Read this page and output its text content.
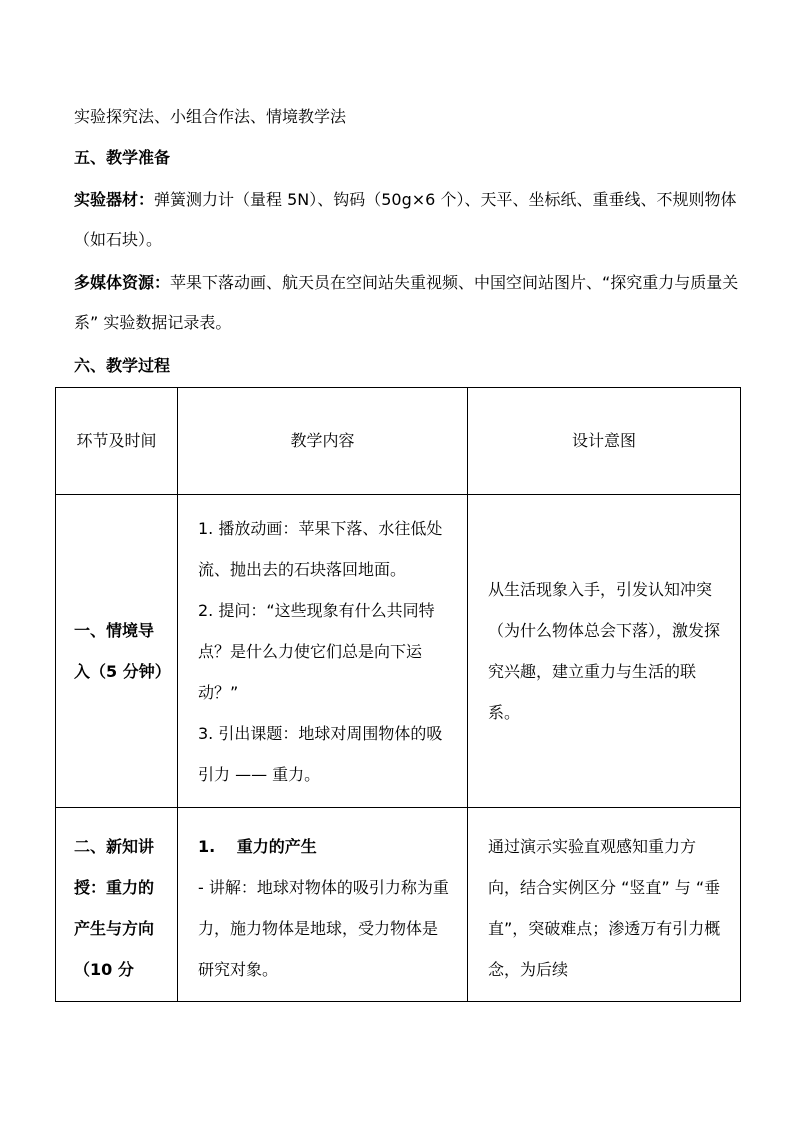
实验探究法、小组合作法、情境教学法

五、教学准备

实验器材：弹簧测力计（量程 5N）、钩码（50g×6 个）、天平、坐标纸、重垂线、不规则物体（如石块）。

多媒体资源：苹果下落动画、航天员在空间站失重视频、中国空间站图片、“探究重力与质量关系” 实验数据记录表。

六、教学过程

环节及时间	教学内容	设计意图

一、情境导入（5 分钟）	1. 播放动画：苹果下落、水往低处流、抛出去的石块落回地面。
2. 提问：“这些现象有什么共同特点？是什么力使它们总是向下运动？”
3. 引出课题：地球对周围物体的吸引力 —— 重力。	从生活现象入手，引发认知冲突（为什么物体总会下落），激发探究兴趣，建立重力与生活的联系。

二、新知讲授：重力的产生与方向（10 分	1.　 重力的产生
- 讲解：地球对物体的吸引力称为重力，施力物体是地球，受力物体是研究对象。	通过演示实验直观感知重力方向，结合实例区分 “竖直” 与 “垂直”，突破难点；渗透万有引力概念，为后续
